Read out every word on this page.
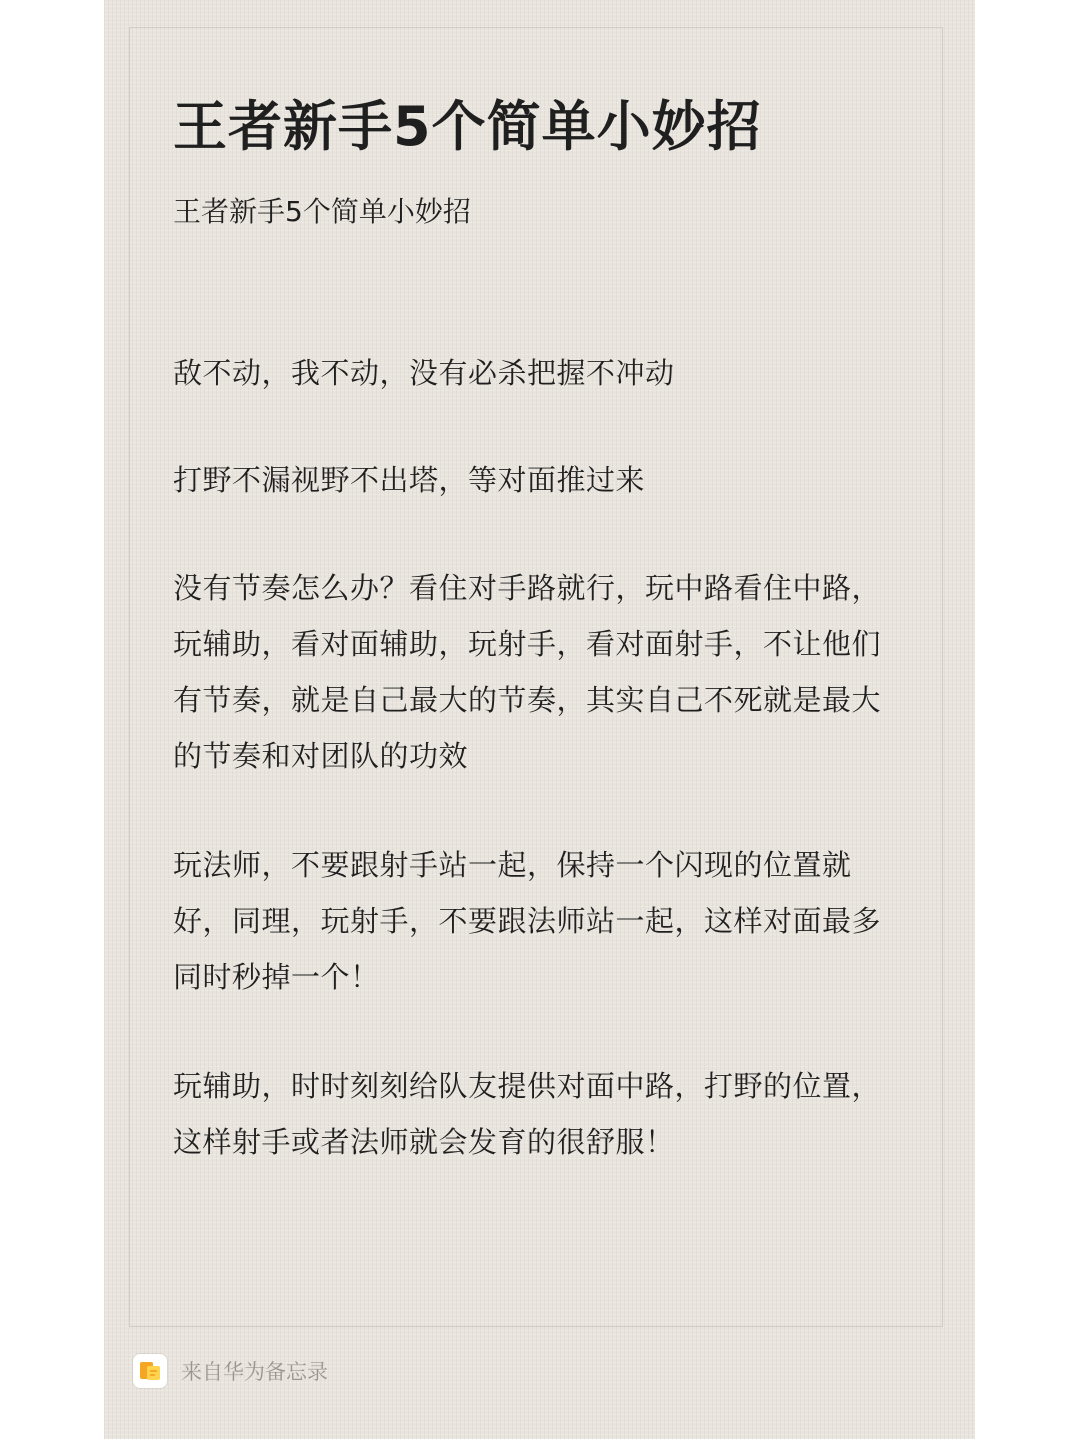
王者新手5个简单小妙招

王者新手5个简单小妙招

敌不动，我不动，没有必杀把握不冲动

打野不漏视野不出塔，等对面推过来

没有节奏怎么办？看住对手路就行，玩中路看住中路，玩辅助，看对面辅助，玩射手，看对面射手，不让他们有节奏，就是自己最大的节奏，其实自己不死就是最大的节奏和对团队的功效

玩法师，不要跟射手站一起，保持一个闪现的位置就好，同理，玩射手，不要跟法师站一起，这样对面最多同时秒掉一个！

玩辅助，时时刻刻给队友提供对面中路，打野的位置，这样射手或者法师就会发育的很舒服！

来自华为备忘录
